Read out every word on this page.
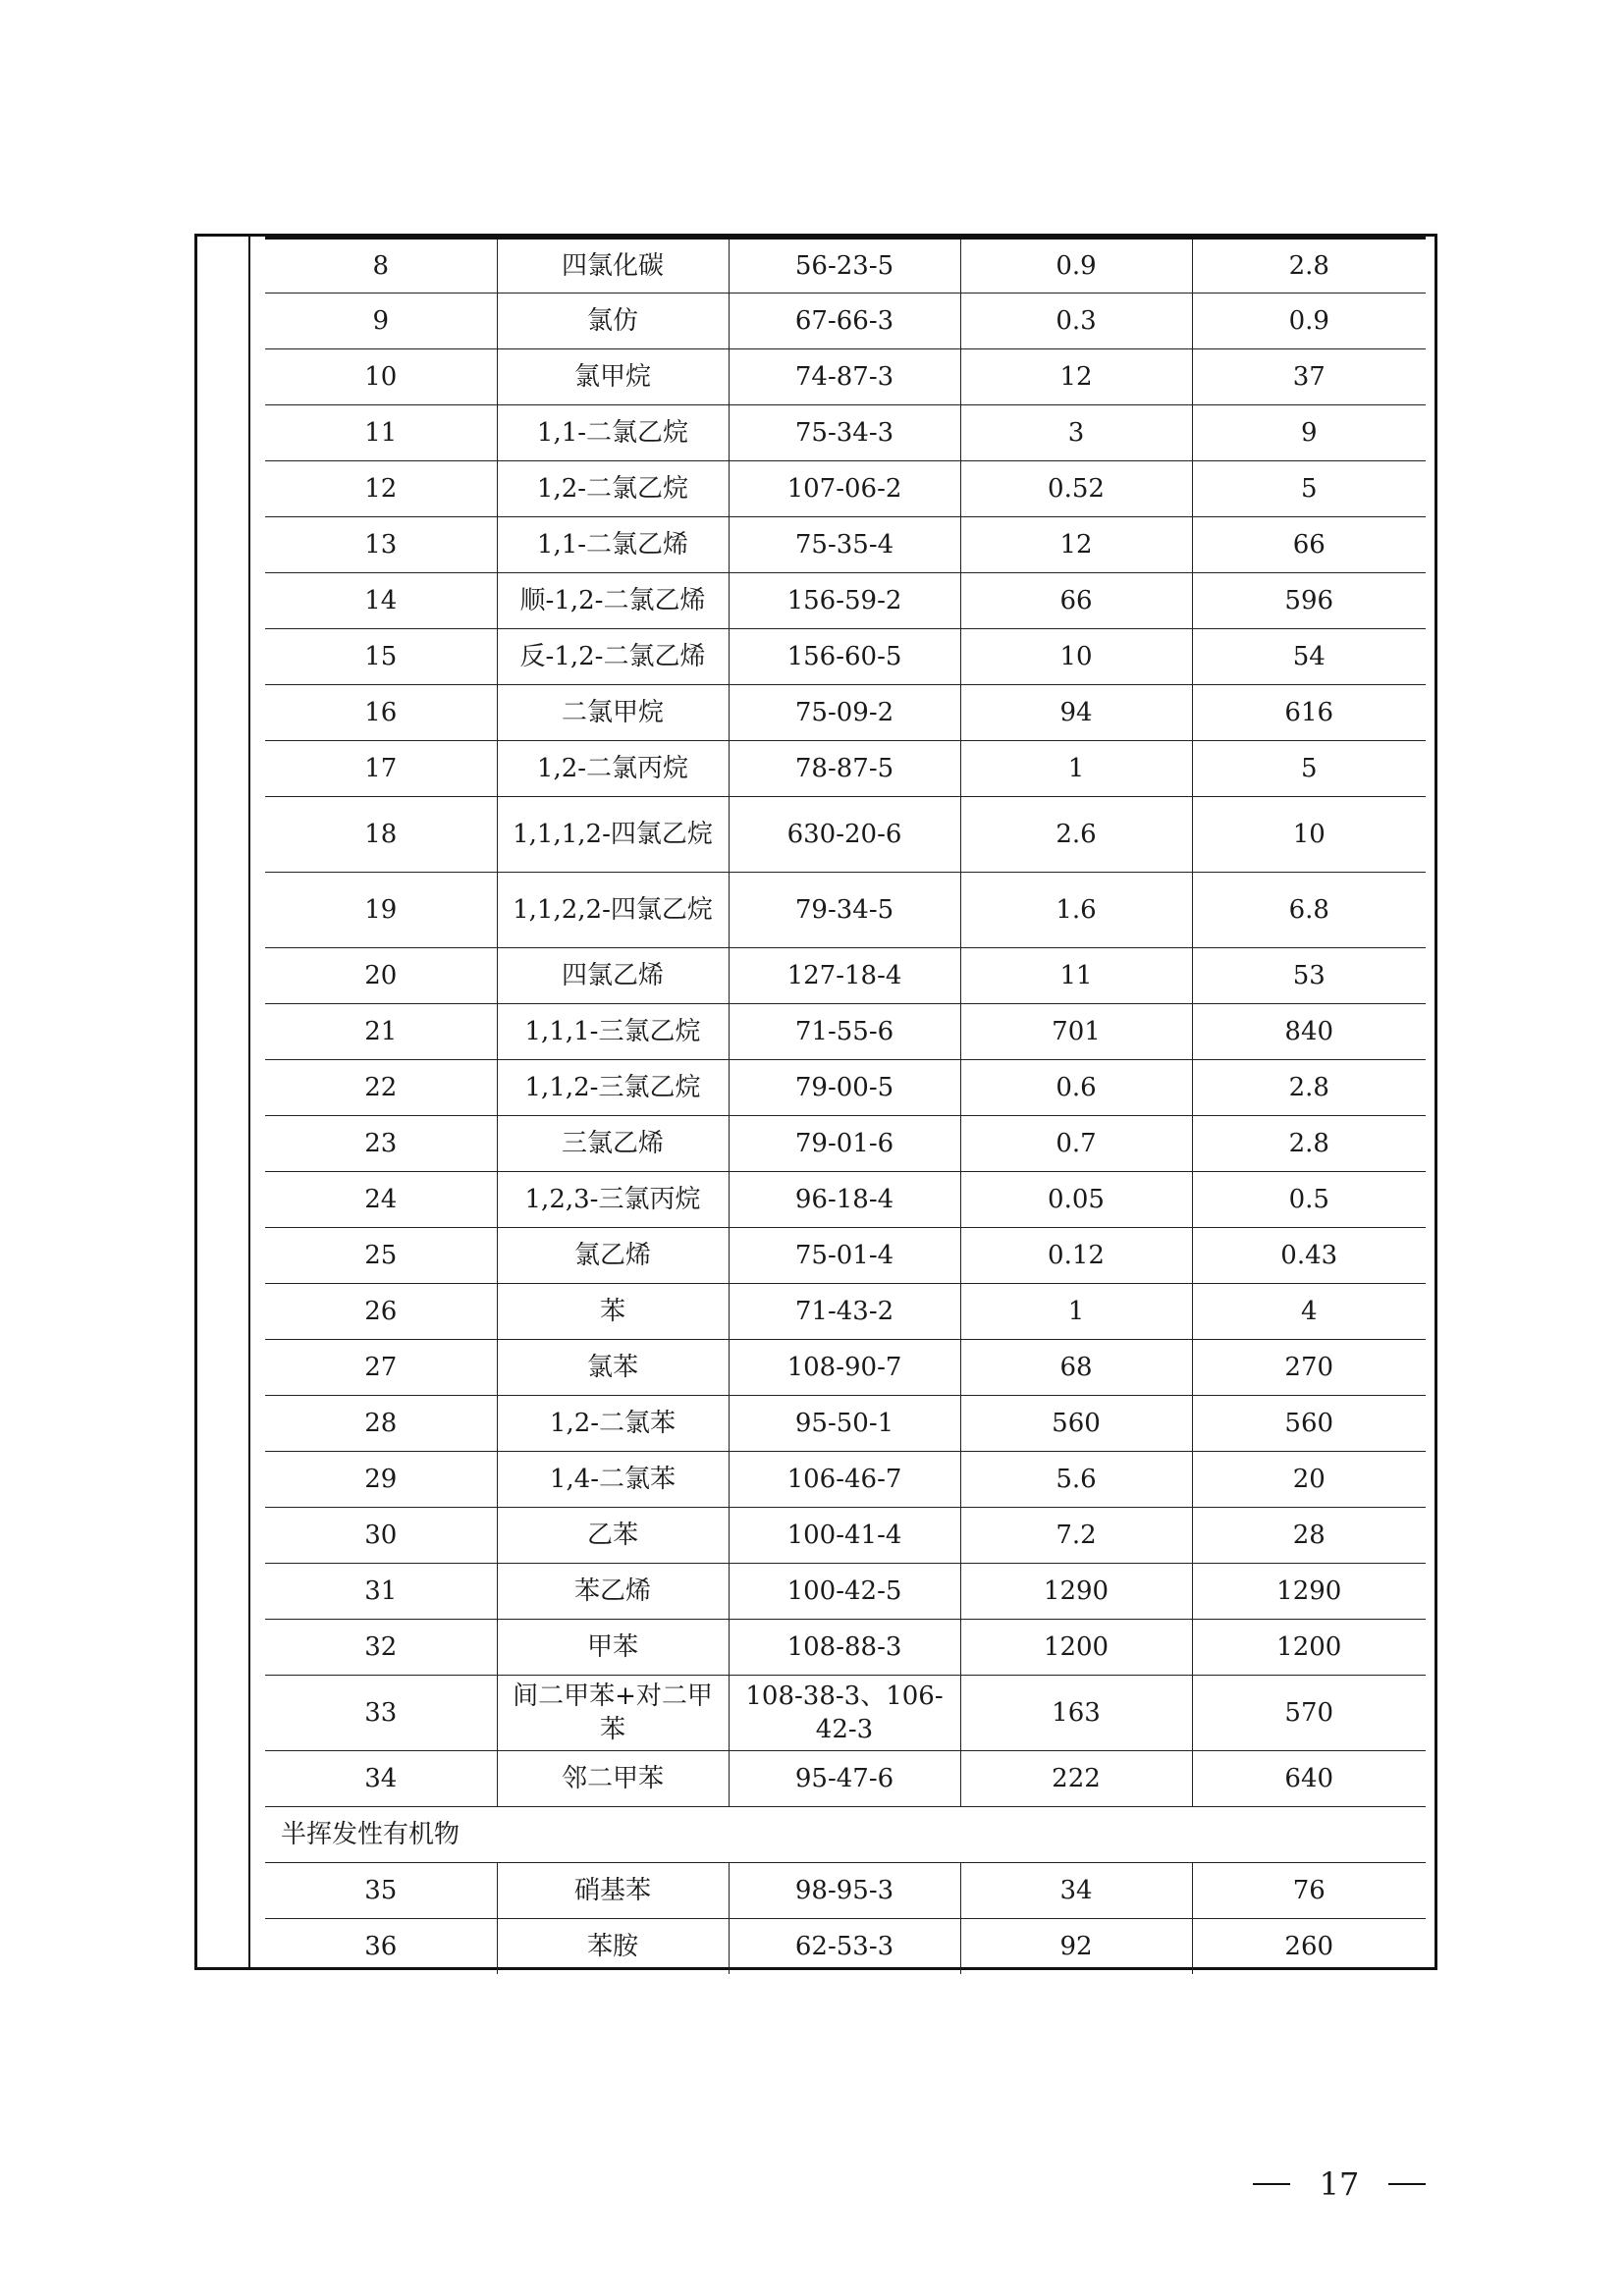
8	四氯化碳	56-23-5	0.9	2.8
9	氯仿	67-66-3	0.3	0.9
10	氯甲烷	74-87-3	12	37
11	1,1-二氯乙烷	75-34-3	3	9
12	1,2-二氯乙烷	107-06-2	0.52	5
13	1,1-二氯乙烯	75-35-4	12	66
14	顺-1,2-二氯乙烯	156-59-2	66	596
15	反-1,2-二氯乙烯	156-60-5	10	54
16	二氯甲烷	75-09-2	94	616
17	1,2-二氯丙烷	78-87-5	1	5
18	1,1,1,2-四氯乙烷	630-20-6	2.6	10
19	1,1,2,2-四氯乙烷	79-34-5	1.6	6.8
20	四氯乙烯	127-18-4	11	53
21	1,1,1-三氯乙烷	71-55-6	701	840
22	1,1,2-三氯乙烷	79-00-5	0.6	2.8
23	三氯乙烯	79-01-6	0.7	2.8
24	1,2,3-三氯丙烷	96-18-4	0.05	0.5
25	氯乙烯	75-01-4	0.12	0.43
26	苯	71-43-2	1	4
27	氯苯	108-90-7	68	270
28	1,2-二氯苯	95-50-1	560	560
29	1,4-二氯苯	106-46-7	5.6	20
30	乙苯	100-41-4	7.2	28
31	苯乙烯	100-42-5	1290	1290
32	甲苯	108-88-3	1200	1200
33	间二甲苯+对二甲苯	108-38-3、106-42-3	163	570
34	邻二甲苯	95-47-6	222	640
半挥发性有机物				
35	硝基苯	98-95-3	34	76
36	苯胺	62-53-3	92	260
17
